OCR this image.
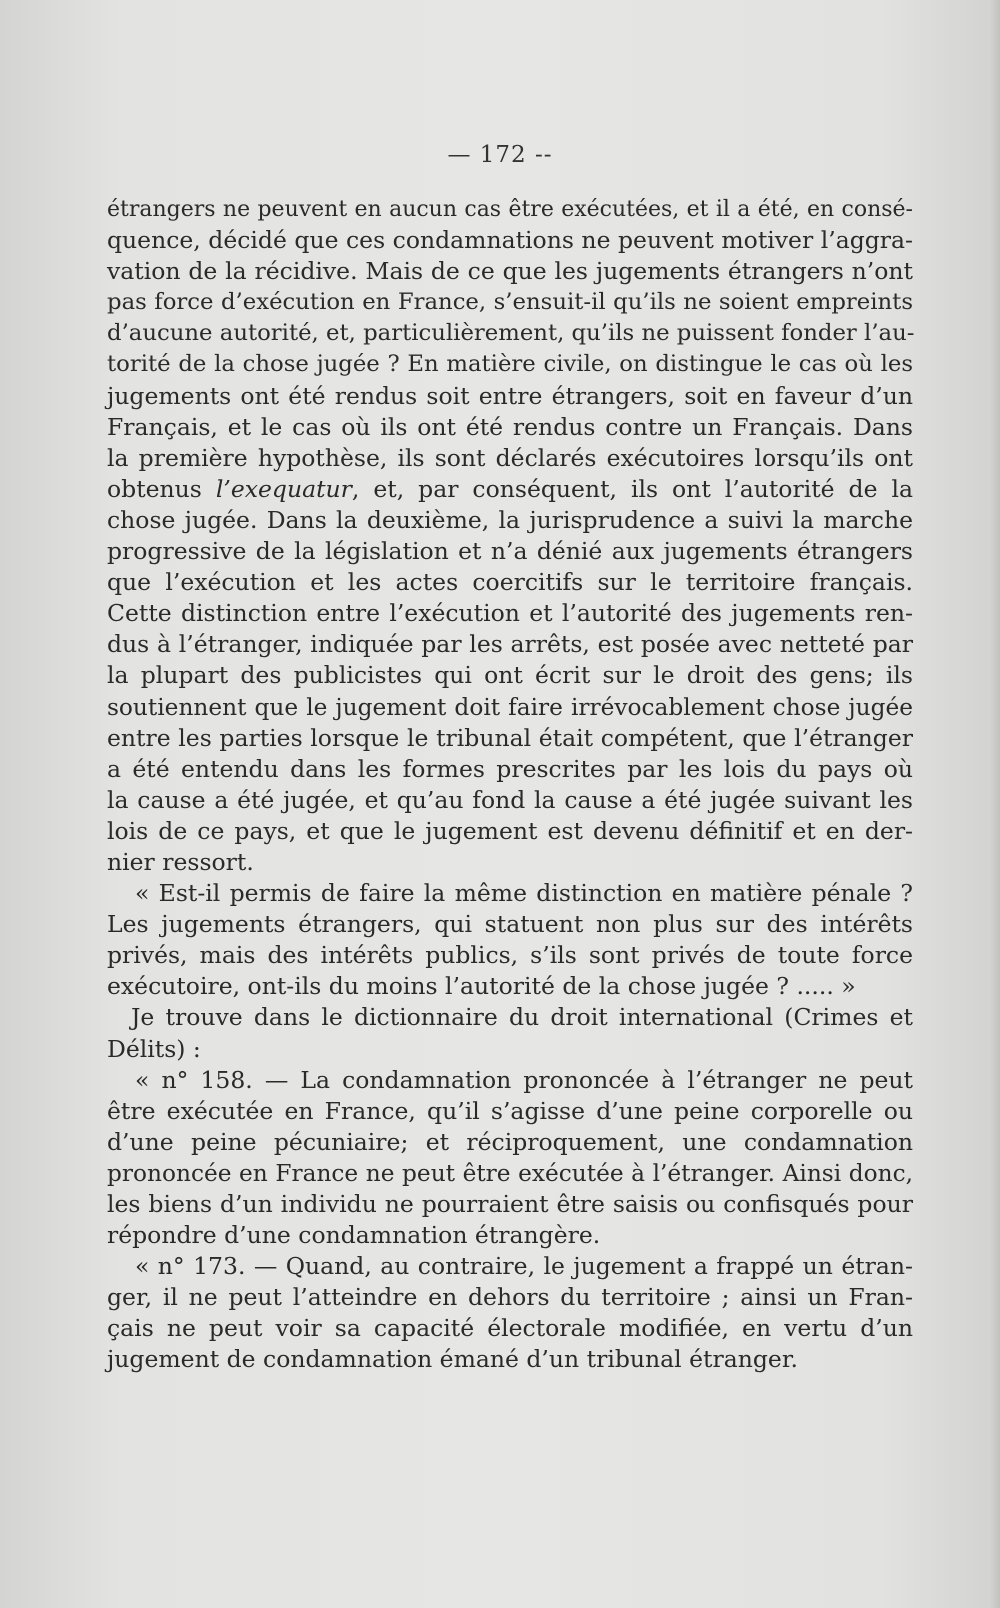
— 172 --
étrangers ne peuvent en aucun cas être exécutées, et il a été, en consé-
quence, décidé que ces condamnations ne peuvent motiver l’aggra-
vation de la récidive. Mais de ce que les jugements étrangers n’ont
pas force d’exécution en France, s’ensuit-il qu’ils ne soient empreints
d’aucune autorité, et, particulièrement, qu’ils ne puissent fonder l’au-
torité de la chose jugée ? En matière civile, on distingue le cas où les
jugements ont été rendus soit entre étrangers, soit en faveur d’un
Français, et le cas où ils ont été rendus contre un Français. Dans
la première hypothèse, ils sont déclarés exécutoires lorsqu’ils ont
obtenus l’exequatur, et, par conséquent, ils ont l’autorité de la
chose jugée. Dans la deuxième, la jurisprudence a suivi la marche
progressive de la législation et n’a dénié aux jugements étrangers
que l’exécution et les actes coercitifs sur le territoire français.
Cette distinction entre l’exécution et l’autorité des jugements ren-
dus à l’étranger, indiquée par les arrêts, est posée avec netteté par
la plupart des publicistes qui ont écrit sur le droit des gens; ils
soutiennent que le jugement doit faire irrévocablement chose jugée
entre les parties lorsque le tribunal était compétent, que l’étranger
a été entendu dans les formes prescrites par les lois du pays où
la cause a été jugée, et qu’au fond la cause a été jugée suivant les
lois de ce pays, et que le jugement est devenu définitif et en der-
nier ressort.
« Est-il permis de faire la même distinction en matière pénale ?
Les jugements étrangers, qui statuent non plus sur des intérêts
privés, mais des intérêts publics, s’ils sont privés de toute force
exécutoire, ont-ils du moins l’autorité de la chose jugée ? ..... »
Je trouve dans le dictionnaire du droit international (Crimes et
Délits) :
« n° 158. — La condamnation prononcée à l’étranger ne peut
être exécutée en France, qu’il s’agisse d’une peine corporelle ou
d’une peine pécuniaire; et réciproquement, une condamnation
prononcée en France ne peut être exécutée à l’étranger. Ainsi donc,
les biens d’un individu ne pourraient être saisis ou confisqués pour
répondre d’une condamnation étrangère.
« n° 173. — Quand, au contraire, le jugement a frappé un étran-
ger, il ne peut l’atteindre en dehors du territoire ; ainsi un Fran-
çais ne peut voir sa capacité électorale modifiée, en vertu d’un
jugement de condamnation émané d’un tribunal étranger.
